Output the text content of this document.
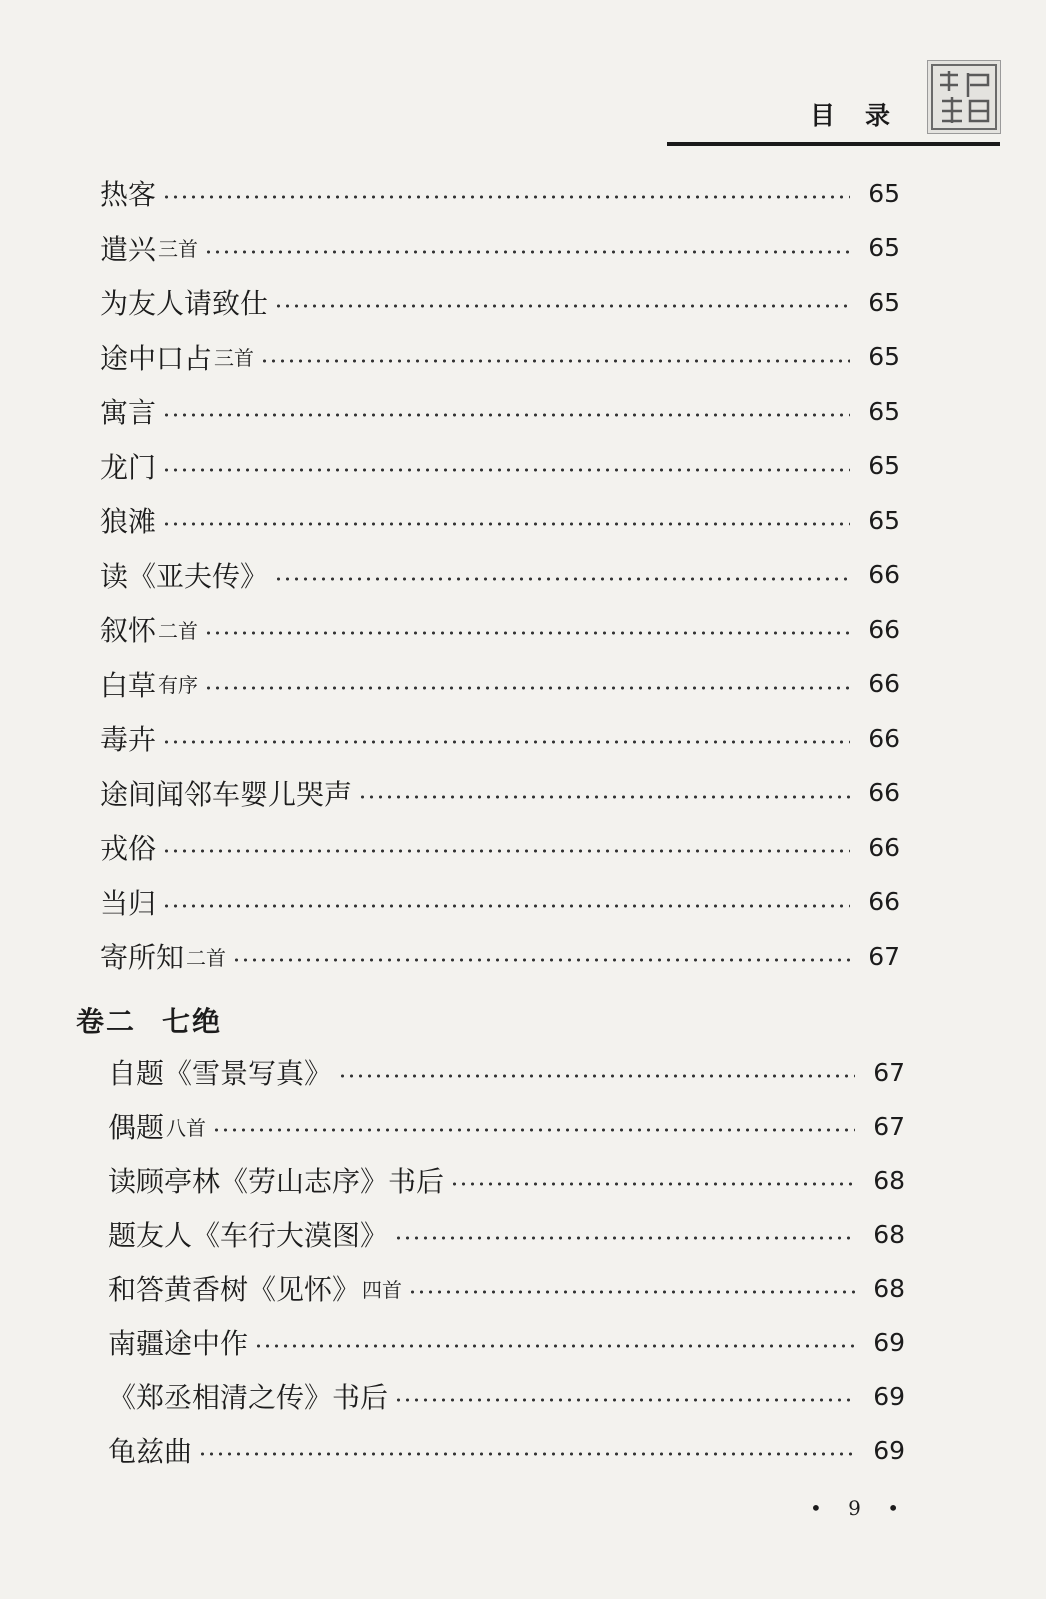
目录
热客	65
遣兴 三首	65
为友人请致仕	65
途中口占 三首	65
寓言	65
龙门	65
狼滩	65
读《亚夫传》	66
叙怀 二首	66
白草 有序	66
毒卉	66
途间闻邻车婴儿哭声	66
戎俗	66
当归	66
寄所知 二首	67
自题《雪景写真》	67
偶题 八首	67
读顾亭林《劳山志序》书后	68
题友人《车行大漠图》	68
和答黄香树《见怀》 四首	68
南疆途中作	69
《郑丞相清之传》书后	69
龟兹曲	69
卷二 七绝
• 9 •
